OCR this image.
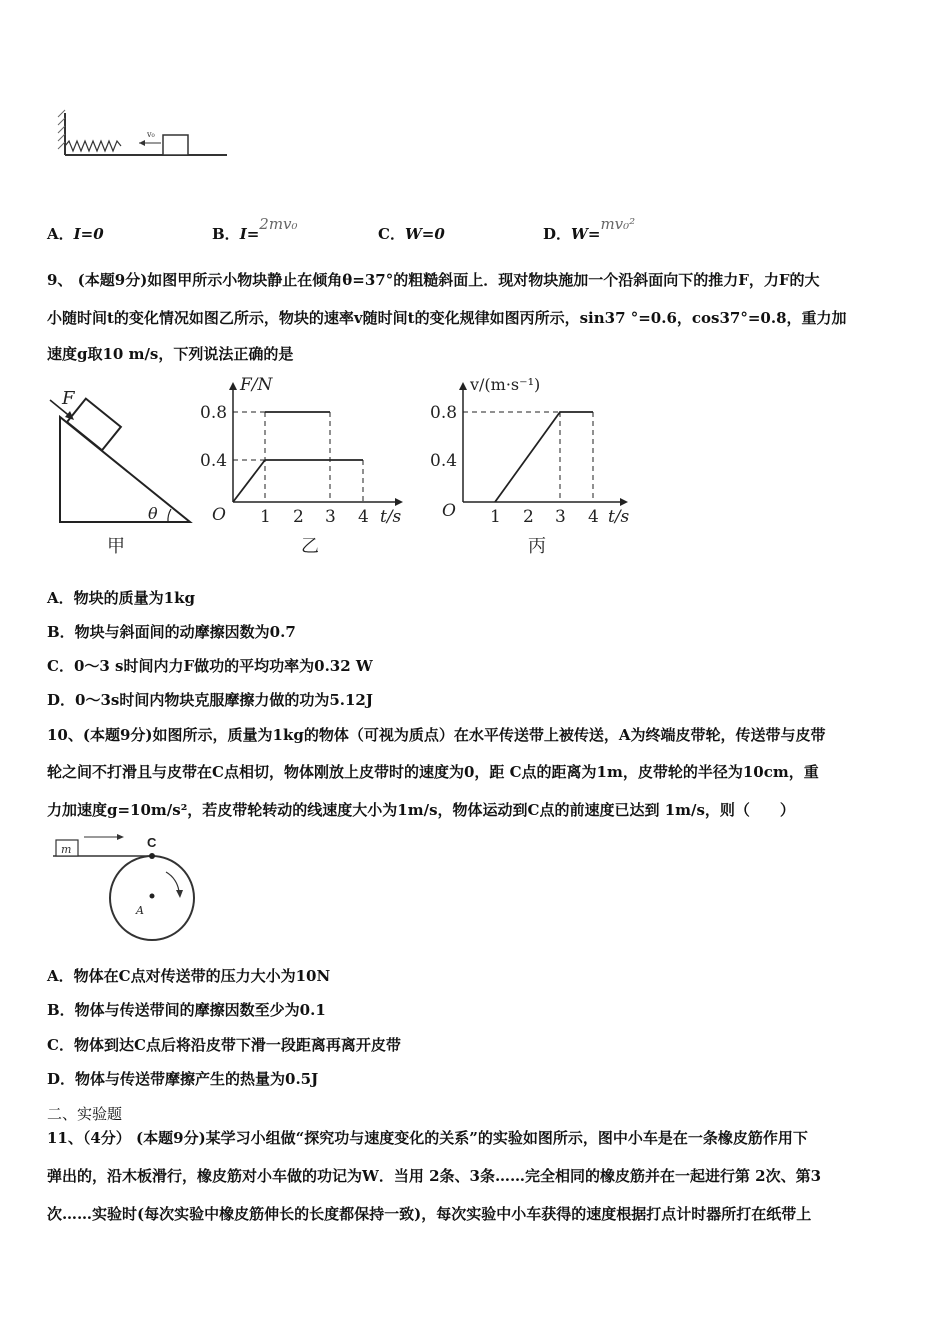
v₀
A．I=0	B．I=2mv₀
C．W=0	D．W=mv₀²
9、 (本题9分)如图甲所示小物块静止在倾角θ=37°的粗糙斜面上．现对物块施加一个沿斜面向下的推力F，力F的大
小随时间t的变化情况如图乙所示，物块的速率v随时间t的变化规律如图丙所示，sin37 °=0.6，cos37°=0.8，重力加
速度g取10 m/s，下列说法正确的是
F
θ
甲
F/N
0.8
0.4
O 1 2 3 4 t/s
乙
v/(m·s⁻¹)
0.8
0.4
O 1 2 3 4 t/s
丙
A．物块的质量为1kg
B．物块与斜面间的动摩擦因数为0.7
C．0～3 s时间内力F做功的平均功率为0.32 W
D．0～3s时间内物块克服摩擦力做的功为5.12J
10、(本题9分)如图所示，质量为1kg的物体（可视为质点）在水平传送带上被传送，A为终端皮带轮，传送带与皮带
轮之间不打滑且与皮带在C点相切，物体刚放上皮带时的速度为0，距 C点的距离为1m，皮带轮的半径为10cm，重
力加速度g=10m/s²，若皮带轮转动的线速度大小为1m/s，物体运动到C点的前速度已达到 1m/s，则（　　）
m	C
A
A．物体在C点对传送带的压力大小为10N
B．物体与传送带间的摩擦因数至少为0.1
C．物体到达C点后将沿皮带下滑一段距离再离开皮带
D．物体与传送带摩擦产生的热量为0.5J
二、实验题
11、（4分） (本题9分)某学习小组做“探究功与速度变化的关系”的实验如图所示，图中小车是在一条橡皮筋作用下
弹出的，沿木板滑行，橡皮筋对小车做的功记为W．当用 2条、3条……完全相同的橡皮筋并在一起进行第 2次、第3
次……实验时(每次实验中橡皮筋伸长的长度都保持一致)，每次实验中小车获得的速度根据打点计时器所打在纸带上
